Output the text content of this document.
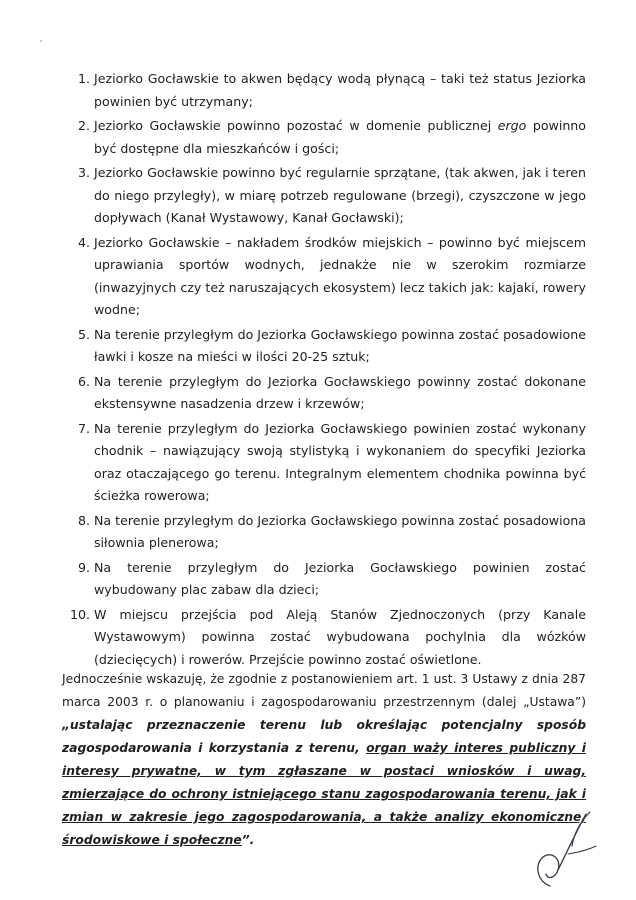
1. Jeziorko Gocławskie to akwen będący wodą płynącą – taki też status Jeziorka powinien być utrzymany;
2. Jeziorko Gocławskie powinno pozostać w domenie publicznej ergo powinno być dostępne dla mieszkańców i gości;
3. Jeziorko Gocławskie powinno być regularnie sprzątane, (tak akwen, jak i teren do niego przyległy), w miarę potrzeb regulowane (brzegi), czyszczone w jego dopływach (Kanał Wystawowy, Kanał Gocławski);
4. Jeziorko Gocławskie – nakładem środków miejskich – powinno być miejscem uprawiania sportów wodnych, jednakże nie w szerokim rozmiarze (inwazyjnych czy też naruszających ekosystem) lecz takich jak: kajaki, rowery wodne;
5. Na terenie przyległym do Jeziorka Gocławskiego powinna zostać posadowione ławki i kosze na mieści w ilości 20-25 sztuk;
6. Na terenie przyległym do Jeziorka Gocławskiego powinny zostać dokonane ekstensywne nasadzenia drzew i krzewów;
7. Na terenie przyległym do Jeziorka Gocławskiego powinien zostać wykonany chodnik – nawiązujący swoją stylistyką i wykonaniem do specyfiki Jeziorka oraz otaczającego go terenu. Integralnym elementem chodnika powinna być ścieżka rowerowa;
8. Na terenie przyległym do Jeziorka Gocławskiego powinna zostać posadowiona siłownia plenerowa;
9. Na terenie przyległym do Jeziorka Gocławskiego powinien zostać wybudowany plac zabaw dla dzieci;
10. W miejscu przejścia pod Aleją Stanów Zjednoczonych (przy Kanale Wystawowym) powinna zostać wybudowana pochylnia dla wózków (dziecięcych) i rowerów. Przejście powinno zostać oświetlone.

Jednocześnie wskazuję, że zgodnie z postanowieniem art. 1 ust. 3 Ustawy z dnia 287 marca 2003 r. o planowaniu i zagospodarowaniu przestrzennym (dalej „Ustawa”) „ustalając przeznaczenie terenu lub określając potencjalny sposób zagospodarowania i korzystania z terenu, organ waży interes publiczny i interesy prywatne, w tym zgłaszane w postaci wniosków i uwag, zmierzające do ochrony istniejącego stanu zagospodarowania terenu, jak i zmian w zakresie jego zagospodarowania, a także analizy ekonomiczne, środowiskowe i społeczne”.
